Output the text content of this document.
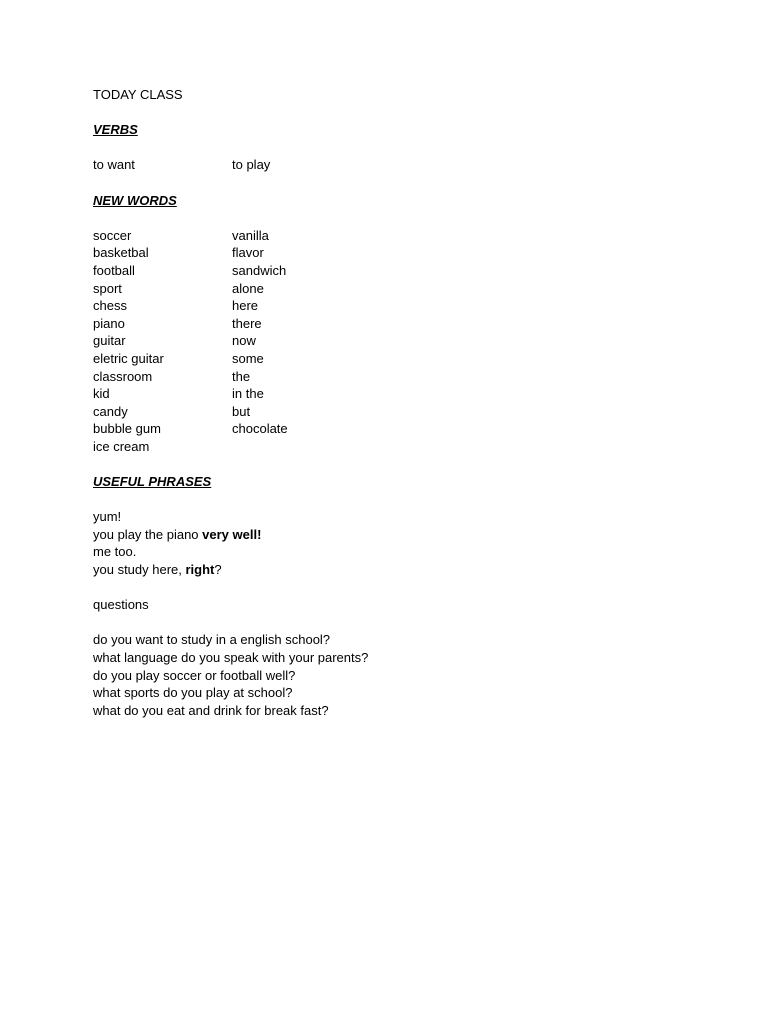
TODAY CLASS
VERBS
to want	to play
NEW WORDS
soccer	vanilla
basketbal	flavor
football	sandwich
sport	alone
chess	here
piano	there
guitar	now
eletric guitar	some
classroom	the
kid	in the
candy	but
bubble gum	chocolate
ice cream
USEFUL PHRASES
yum!
you play the piano very well!
me too.
you study here, right?
questions
do you want to study in a english school?
what language do you speak with your parents?
do you play soccer or football well?
what sports do you play at school?
what do you eat and drink for break fast?
